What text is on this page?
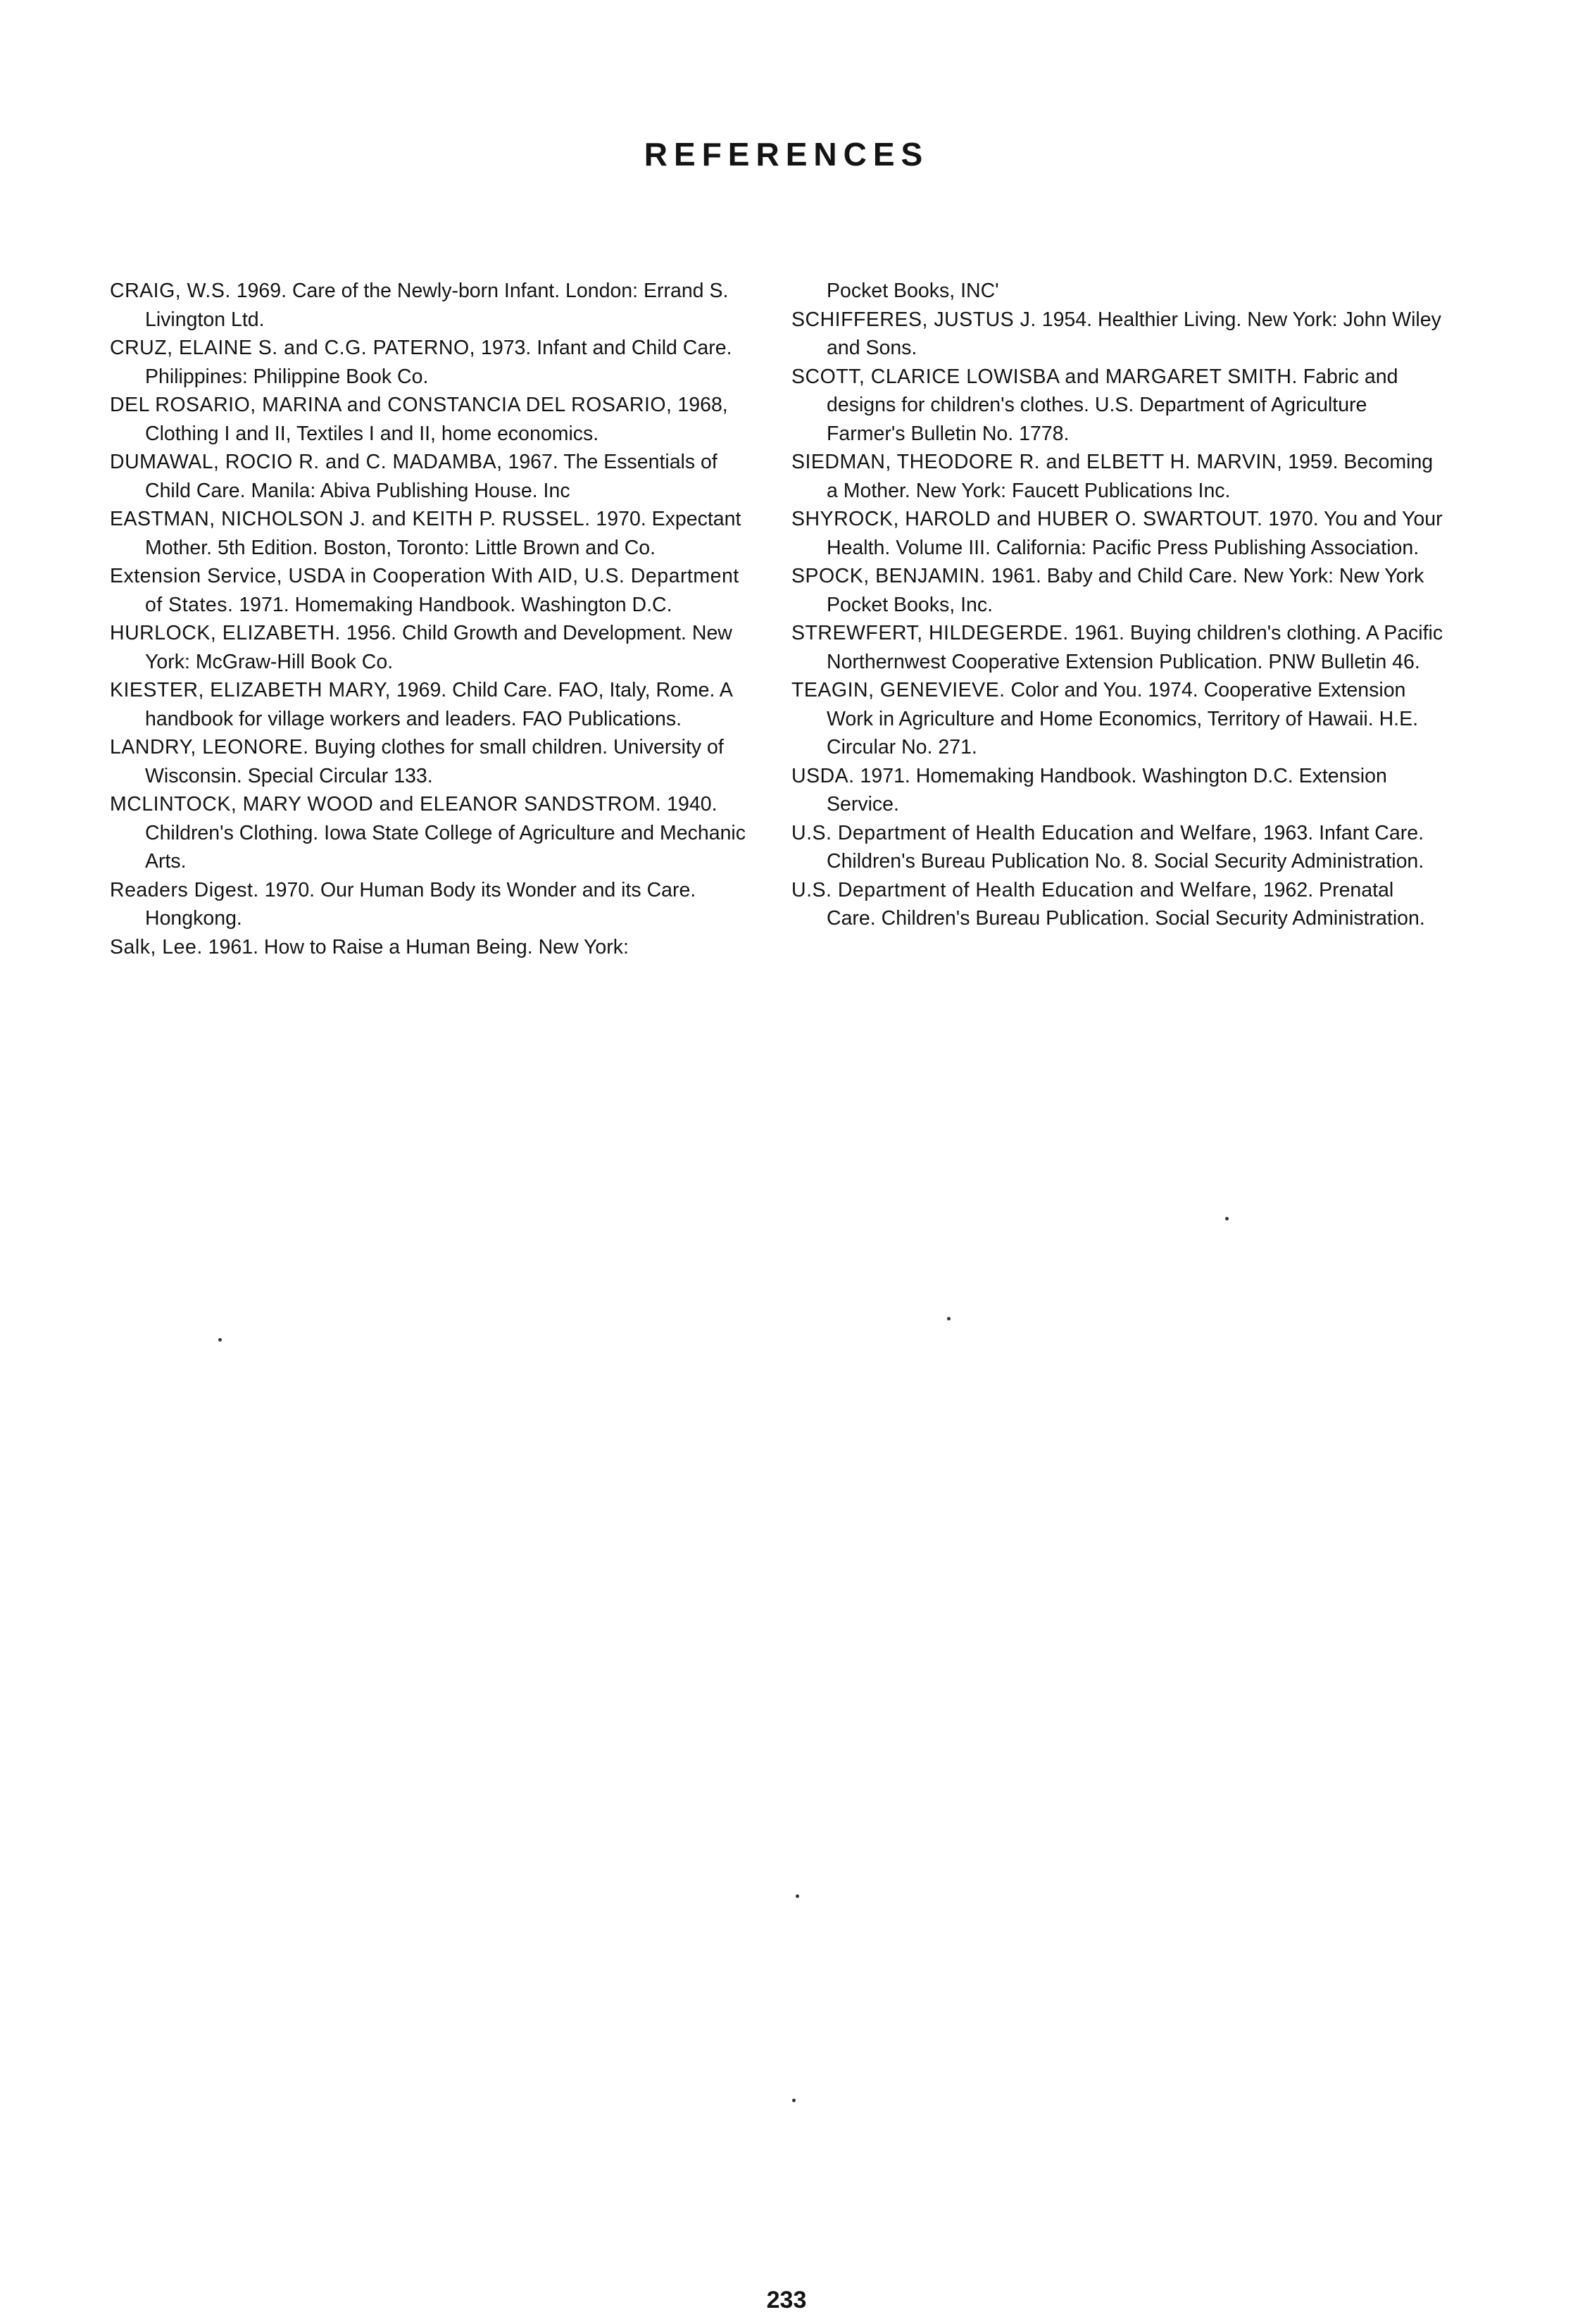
REFERENCES
CRAIG, W.S. 1969. Care of the Newly-born Infant. London: Errand S. Livington Ltd.
CRUZ, ELAINE S. and C.G. PATERNO, 1973. Infant and Child Care. Philippines: Philippine Book Co.
DEL ROSARIO, MARINA and CONSTANCIA DEL ROSARIO, 1968, Clothing I and II, Textiles I and II, home economics.
DUMAWAL, ROCIO R. and C. MADAMBA, 1967. The Essentials of Child Care. Manila: Abiva Publishing House. Inc
EASTMAN, NICHOLSON J. and KEITH P. RUSSEL. 1970. Expectant Mother. 5th Edition. Boston, Toronto: Little Brown and Co.
Extension Service, USDA in Cooperation With AID, U.S. Department of States. 1971. Homemaking Handbook. Washington D.C.
HURLOCK, ELIZABETH. 1956. Child Growth and Development. New York: McGraw-Hill Book Co.
KIESTER, ELIZABETH MARY, 1969. Child Care. FAO, Italy, Rome. A handbook for village workers and leaders. FAO Publications.
LANDRY, LEONORE. Buying clothes for small children. University of Wisconsin. Special Circular 133.
MCLINTOCK, MARY WOOD and ELEANOR SANDSTROM. 1940. Children's Clothing. Iowa State College of Agriculture and Mechanic Arts.
Readers Digest. 1970. Our Human Body its Wonder and its Care. Hongkong.
Salk, Lee. 1961. How to Raise a Human Being. New York:
Pocket Books, INC'
SCHIFFERES, JUSTUS J. 1954. Healthier Living. New York: John Wiley and Sons.
SCOTT, CLARICE LOWISBA and MARGARET SMITH. Fabric and designs for children's clothes. U.S. Department of Agriculture Farmer's Bulletin No. 1778.
SIEDMAN, THEODORE R. and ELBETT H. MARVIN, 1959. Becoming a Mother. New York: Faucett Publications Inc.
SHYROCK, HAROLD and HUBER O. SWARTOUT. 1970. You and Your Health. Volume III. California: Pacific Press Publishing Association.
SPOCK, BENJAMIN. 1961. Baby and Child Care. New York: New York Pocket Books, Inc.
STREWFERT, HILDEGERDE. 1961. Buying children's clothing. A Pacific Northernwest Cooperative Extension Publication. PNW Bulletin 46.
TEAGIN, GENEVIEVE. Color and You. 1974. Cooperative Extension Work in Agriculture and Home Economics, Territory of Hawaii. H.E. Circular No. 271.
USDA. 1971. Homemaking Handbook. Washington D.C. Extension Service.
U.S. Department of Health Education and Welfare, 1963. Infant Care. Children's Bureau Publication No. 8. Social Security Administration.
U.S. Department of Health Education and Welfare, 1962. Prenatal Care. Children's Bureau Publication. Social Security Administration.

233
